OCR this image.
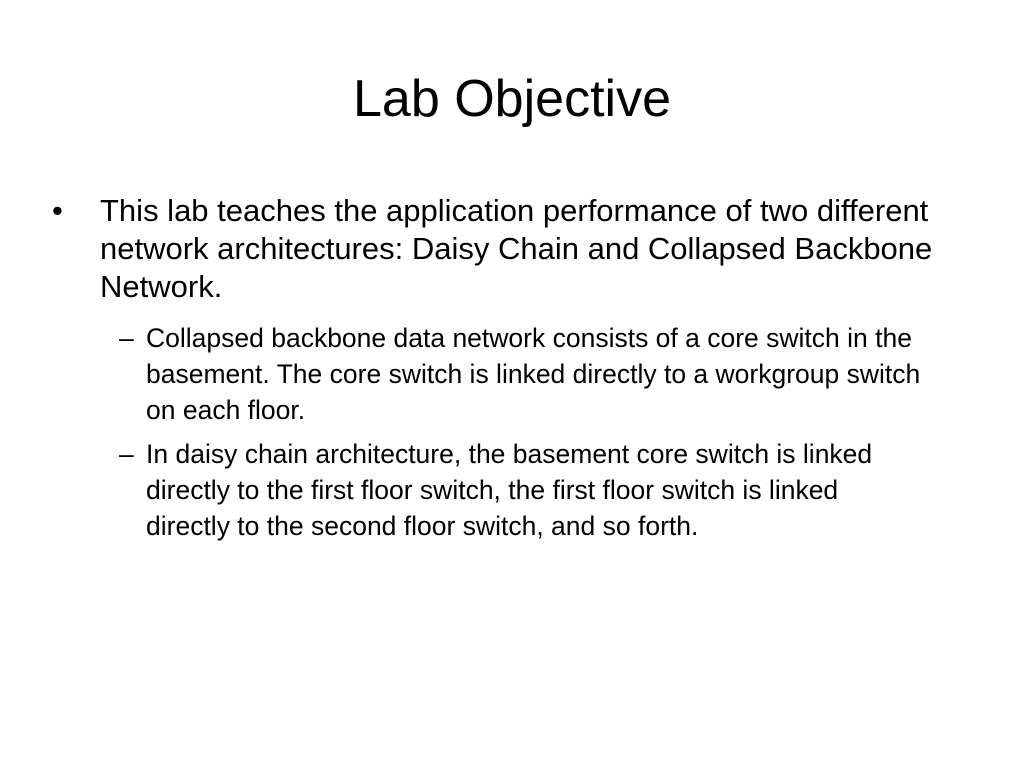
Lab Objective
• This lab teaches the application performance of two different network architectures: Daisy Chain and Collapsed Backbone Network.
– Collapsed backbone data network consists of a core switch in the basement. The core switch is linked directly to a workgroup switch on each floor.
– In daisy chain architecture, the basement core switch is linked directly to the first floor switch, the first floor switch is linked directly to the second floor switch, and so forth.
